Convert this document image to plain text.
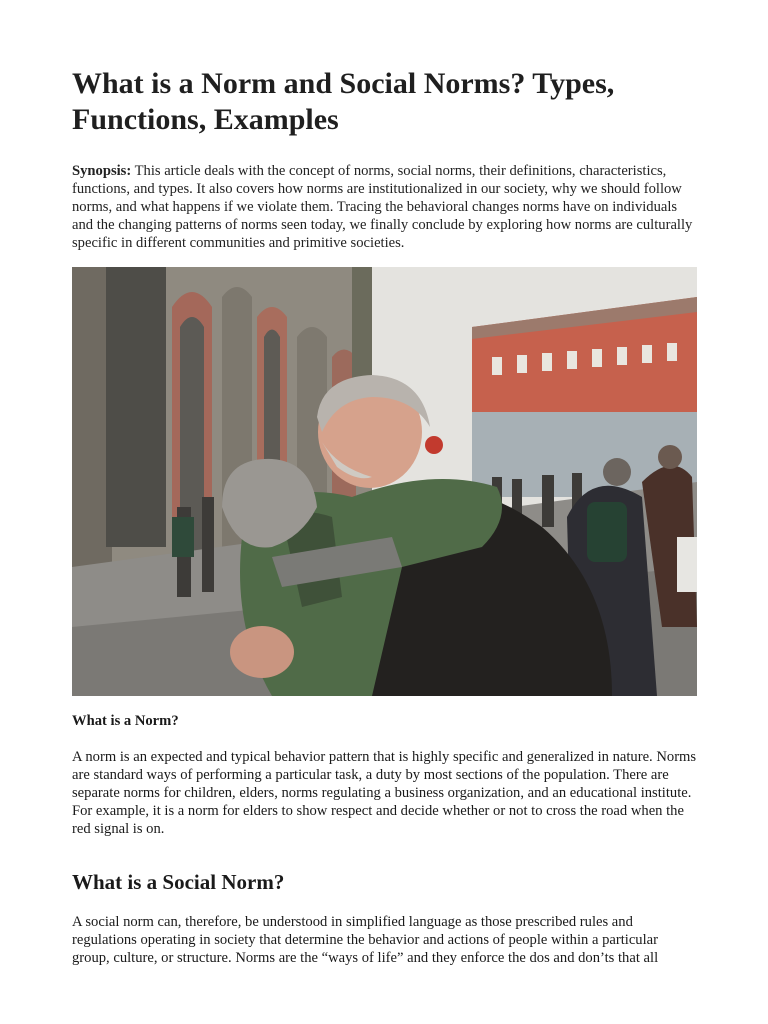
What is a Norm and Social Norms? Types, Functions, Examples

Synopsis: This article deals with the concept of norms, social norms, their definitions, characteristics, functions, and types. It also covers how norms are institutionalized in our society, why we should follow norms, and what happens if we violate them. Tracing the behavioral changes norms have on individuals and the changing patterns of norms seen today, we finally conclude by exploring how norms are culturally specific in different communities and primitive societies.

What is a Norm?

A norm is an expected and typical behavior pattern that is highly specific and generalized in nature. Norms are standard ways of performing a particular task, a duty by most sections of the population. There are separate norms for children, elders, norms regulating a business organization, and an educational institute. For example, it is a norm for elders to show respect and decide whether or not to cross the road when the red signal is on.

What is a Social Norm?

A social norm can, therefore, be understood in simplified language as those prescribed rules and regulations operating in society that determine the behavior and actions of people within a particular group, culture, or structure. Norms are the “ways of life” and they enforce the dos and don’ts that all
